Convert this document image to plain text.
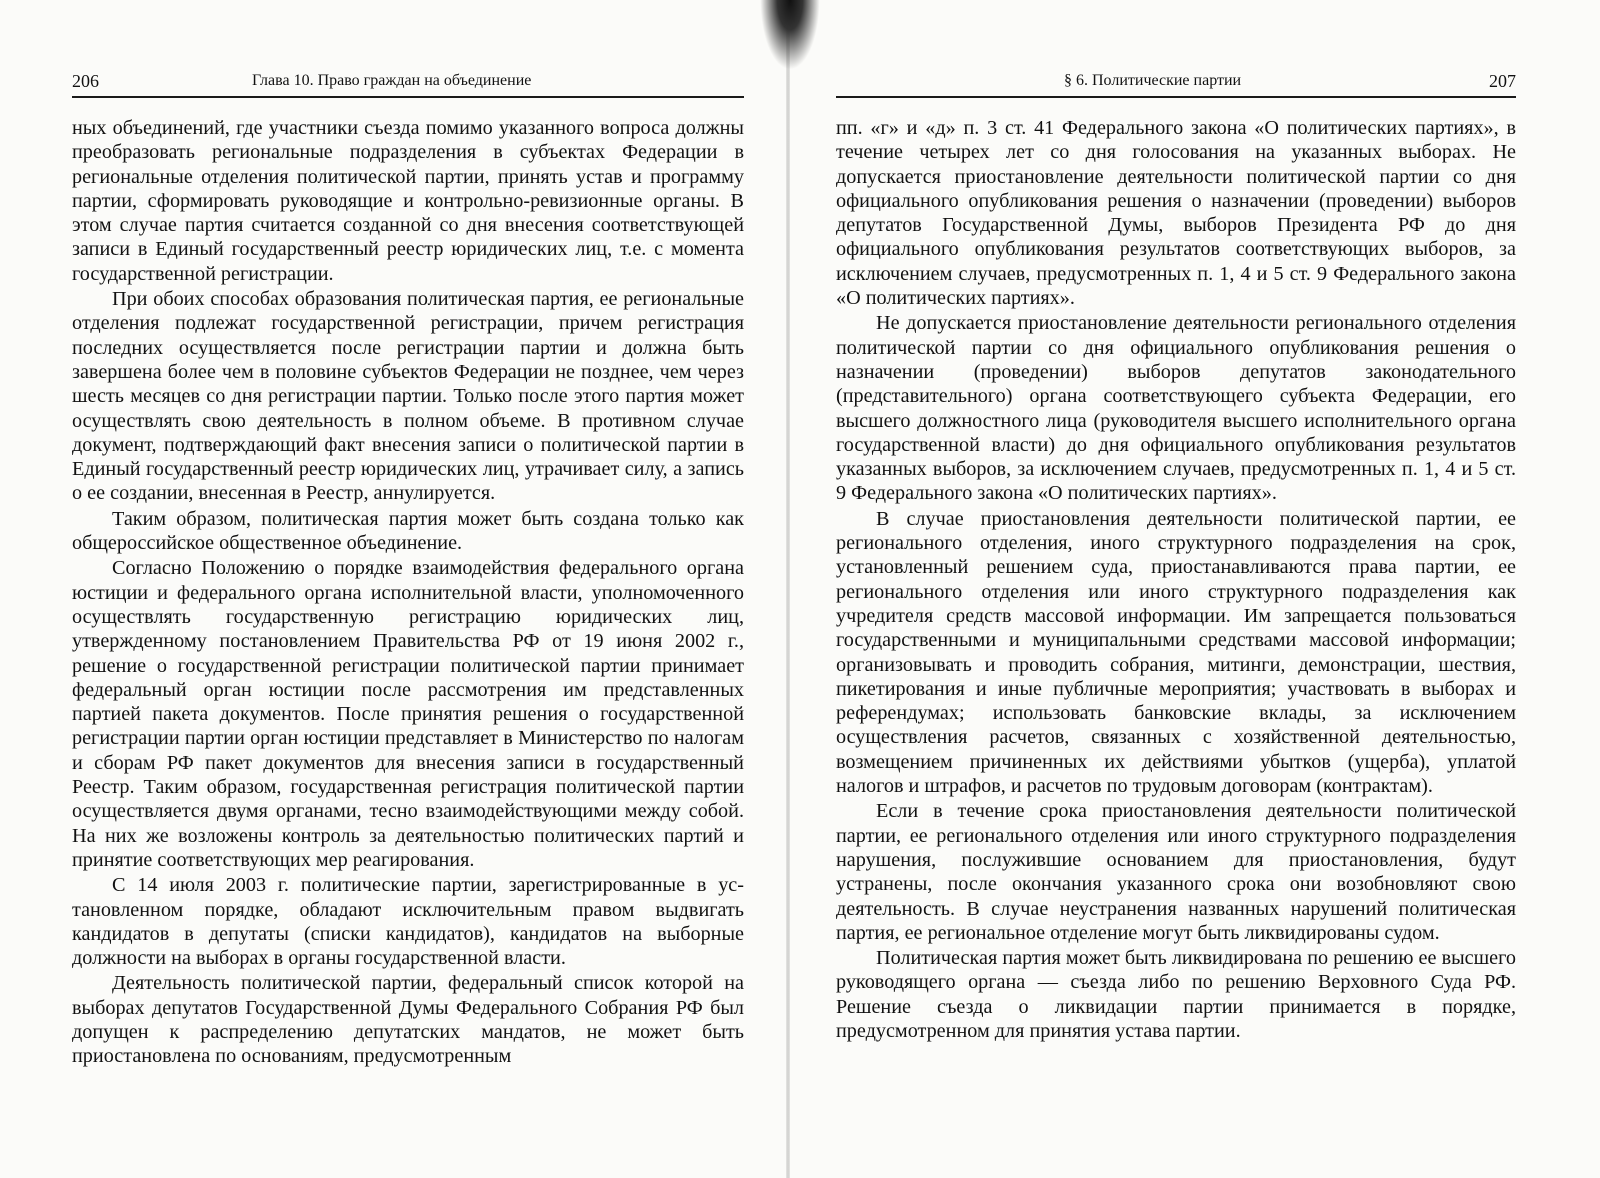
206	Глава 10. Право граждан на объединение

ных объединений, где участники съезда помимо указанного вопроса должны преобразовать региональные подразделения в субъектах Федерации в региональные отделения политической партии, принять устав и программу партии, сформировать руководящие и контрольно-ревизионные органы. В этом случае партия считается созданной со дня внесения соответствующей записи в Единый государственный реестр юридических лиц, т.е. с момента государственной регистрации.

При обоих способах образования политическая партия, ее региональные отделения подлежат государственной регистрации, причем регистрация последних осуществляется после регистрации партии и должна быть завершена более чем в половине субъектов Федерации не позднее, чем через шесть месяцев со дня регистрации партии. Только после этого партия может осуществлять свою деятельность в полном объеме. В противном случае документ, подтверждающий факт внесения записи о политической партии в Единый государственный реестр юридических лиц, утрачивает силу, а запись о ее создании, внесенная в Реестр, аннулируется.

Таким образом, политическая партия может быть создана только как общероссийское общественное объединение.

Согласно Положению о порядке взаимодействия федерального органа юстиции и федерального органа исполнительной власти, уполномоченного осуществлять государственную регистрацию юридических лиц, утвержденному постановлением Правительства РФ от 19 июня 2002 г., решение о государственной регистрации политической партии принимает федеральный орган юстиции после рассмотрения им представленных партией пакета документов. После принятия решения о государственной регистрации партии орган юстиции представляет в Министерство по налогам и сборам РФ пакет документов для внесения записи в государственный Реестр. Таким образом, государственная регистрация политической партии осуществляется двумя органами, тесно взаимодействующими между собой. На них же возложены контроль за деятельностью политических партий и принятие соответствующих мер реагирования.

С 14 июля 2003 г. политические партии, зарегистрированные в установленном порядке, обладают исключительным правом выдвигать кандидатов в депутаты (списки кандидатов), кандидатов на выборные должности на выборах в органы государственной власти.

Деятельность политической партии, федеральный список которой на выборах депутатов Государственной Думы Федерального Собрания РФ был допущен к распределению депутатских мандатов, не может быть приостановлена по основаниям, предусмотренным

§ 6. Политические партии	207

пп. «г» и «д» п. 3 ст. 41 Федерального закона «О политических партиях», в течение четырех лет со дня голосования на указанных выборах. Не допускается приостановление деятельности политической партии со дня официального опубликования решения о назначении (проведении) выборов депутатов Государственной Думы, выборов Президента РФ до дня официального опубликования результатов соответствующих выборов, за исключением случаев, предусмотренных п. 1, 4 и 5 ст. 9 Федерального закона «О политических партиях».

Не допускается приостановление деятельности регионального отделения политической партии со дня официального опубликования решения о назначении (проведении) выборов депутатов законодательного (представительного) органа соответствующего субъекта Федерации, его высшего должностного лица (руководителя высшего исполнительного органа государственной власти) до дня официального опубликования результатов указанных выборов, за исключением случаев, предусмотренных п. 1, 4 и 5 ст. 9 Федерального закона «О политических партиях».

В случае приостановления деятельности политической партии, ее регионального отделения, иного структурного подразделения на срок, установленный решением суда, приостанавливаются права партии, ее регионального отделения или иного структурного подразделения как учредителя средств массовой информации. Им запрещается пользоваться государственными и муниципальными средствами массовой информации; организовывать и проводить собрания, митинги, демонстрации, шествия, пикетирования и иные публичные мероприятия; участвовать в выборах и референдумах; использовать банковские вклады, за исключением осуществления расчетов, связанных с хозяйственной деятельностью, возмещением причиненных их действиями убытков (ущерба), уплатой налогов и штрафов, и расчетов по трудовым договорам (контрактам).

Если в течение срока приостановления деятельности политической партии, ее регионального отделения или иного структурного подразделения нарушения, послужившие основанием для приостановления, будут устранены, после окончания указанного срока они возобновляют свою деятельность. В случае неустранения названных нарушений политическая партия, ее региональное отделение могут быть ликвидированы судом.

Политическая партия может быть ликвидирована по решению ее высшего руководящего органа — съезда либо по решению Верховного Суда РФ. Решение съезда о ликвидации партии принимается в порядке, предусмотренном для принятия устава партии.
